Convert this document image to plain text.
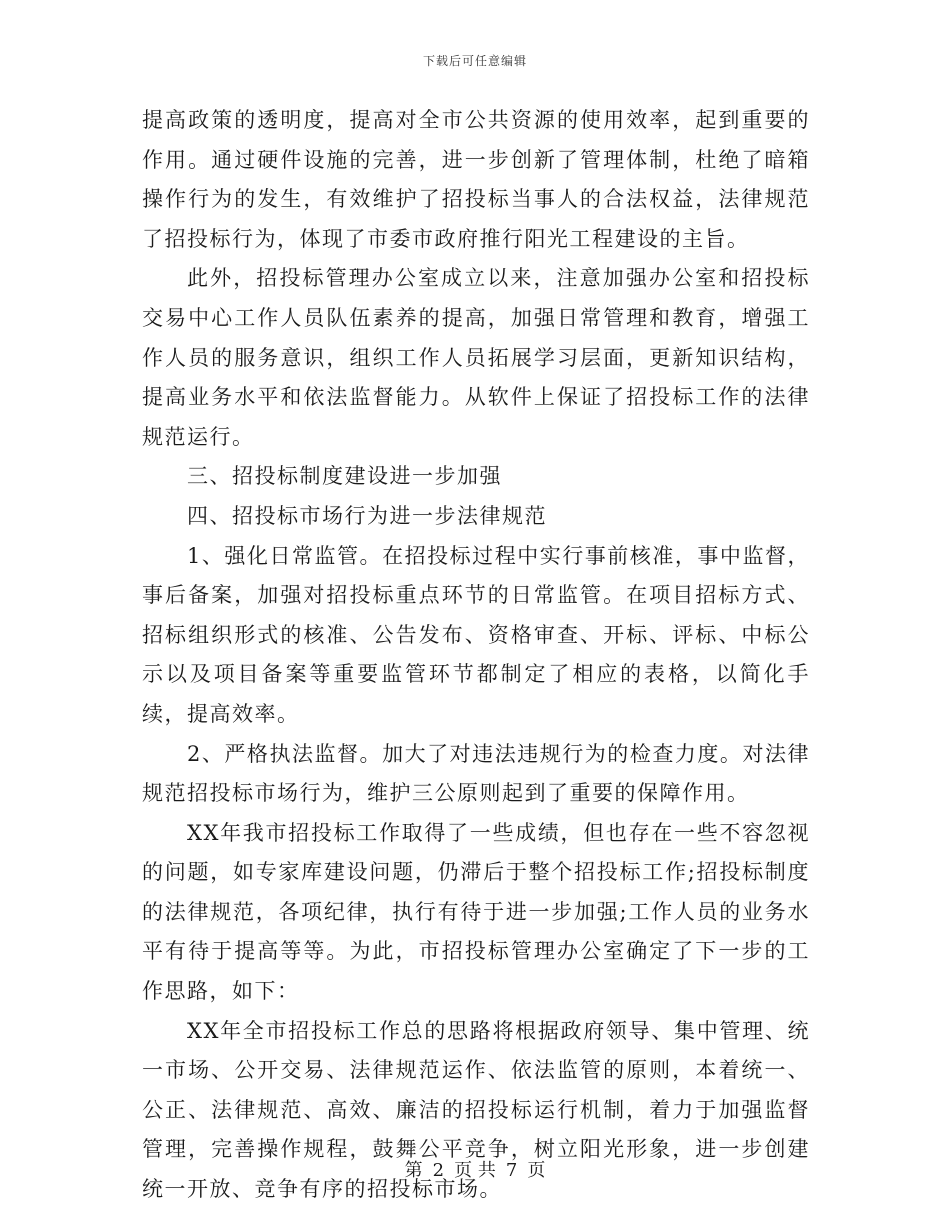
下载后可任意编辑

提高政策的透明度，提高对全市公共资源的使用效率，起到重要的作用。通过硬件设施的完善，进一步创新了管理体制，杜绝了暗箱操作行为的发生，有效维护了招投标当事人的合法权益，法律规范了招投标行为，体现了市委市政府推行阳光工程建设的主旨。

此外，招投标管理办公室成立以来，注意加强办公室和招投标交易中心工作人员队伍素养的提高，加强日常管理和教育，增强工作人员的服务意识，组织工作人员拓展学习层面，更新知识结构，提高业务水平和依法监督能力。从软件上保证了招投标工作的法律规范运行。

三、招投标制度建设进一步加强

四、招投标市场行为进一步法律规范

1、强化日常监管。在招投标过程中实行事前核准，事中监督，事后备案，加强对招投标重点环节的日常监管。在项目招标方式、招标组织形式的核准、公告发布、资格审查、开标、评标、中标公示以及项目备案等重要监管环节都制定了相应的表格，以简化手续，提高效率。

2、严格执法监督。加大了对违法违规行为的检查力度。对法律规范招投标市场行为，维护三公原则起到了重要的保障作用。

XX年我市招投标工作取得了一些成绩，但也存在一些不容忽视的问题，如专家库建设问题，仍滞后于整个招投标工作;招投标制度的法律规范，各项纪律，执行有待于进一步加强;工作人员的业务水平有待于提高等等。为此，市招投标管理办公室确定了下一步的工作思路，如下：

XX年全市招投标工作总的思路将根据政府领导、集中管理、统一市场、公开交易、法律规范运作、依法监管的原则，本着统一、公正、法律规范、高效、廉洁的招投标运行机制，着力于加强监督管理，完善操作规程，鼓舞公平竞争，树立阳光形象，进一步创建统一开放、竞争有序的招投标市场。

第 2 页 共 7 页
